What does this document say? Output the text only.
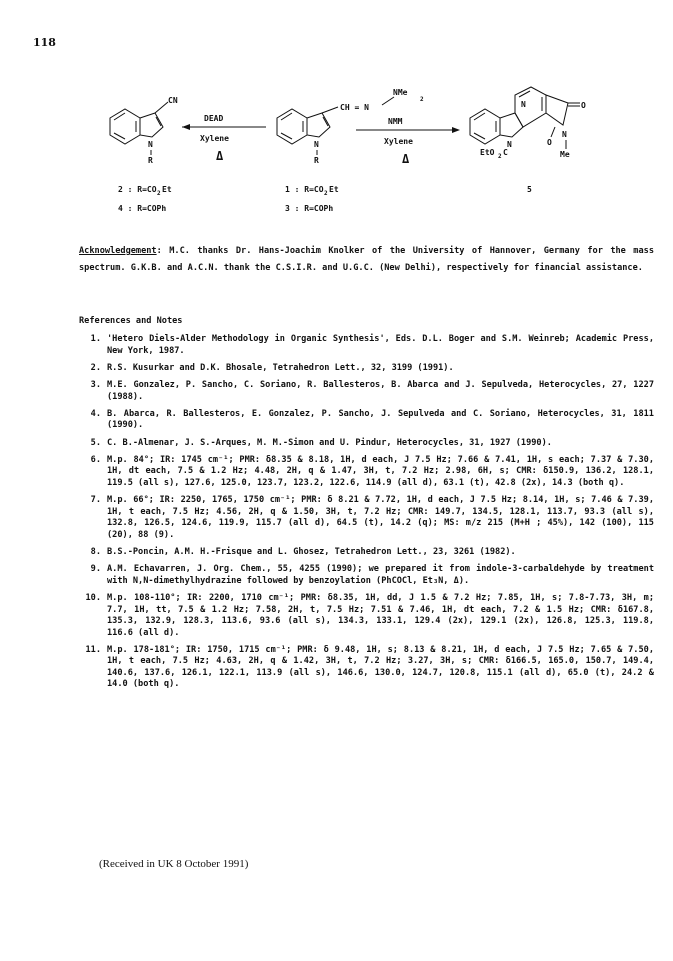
118
CN
N
R
DEAD
Xylene
Δ
CH = N
NMe
2
N
R
NMM
Xylene
Δ
N	O
O
N
Me
N
EtO 2 C
2 : R=CO 2 Et
4 : R=COPh
1 : R=CO 2 Et
3 : R=COPh
5
Acknowledgement: M.C. thanks Dr. Hans-Joachim Knolker of the University of Hannover, Germany for the mass spectrum. G.K.B. and A.C.N. thank the C.S.I.R. and U.G.C. (New Delhi), respectively for financial assistance.
References and Notes
1. 'Hetero Diels-Alder Methodology in Organic Synthesis', Eds. D.L. Boger and S.M. Weinreb; Academic Press, New York, 1987.
2. R.S. Kusurkar and D.K. Bhosale, Tetrahedron Lett., 32, 3199 (1991).
3. M.E. Gonzalez, P. Sancho, C. Soriano, R. Ballesteros, B. Abarca and J. Sepulveda, Heterocycles, 27, 1227 (1988).
4. B. Abarca, R. Ballesteros, E. Gonzalez, P. Sancho, J. Sepulveda and C. Soriano, Heterocycles, 31, 1811 (1990).
5. C. B.-Almenar, J. S.-Arques, M. M.-Simon and U. Pindur, Heterocycles, 31, 1927 (1990).
6. M.p. 84°; IR: 1745 cm⁻¹; PMR: δ8.35 & 8.18, 1H, d each, J 7.5 Hz; 7.66 & 7.41, 1H, s each; 7.37 & 7.30, 1H, dt each, 7.5 & 1.2 Hz; 4.48, 2H, q & 1.47, 3H, t, 7.2 Hz; 2.98, 6H, s; CMR: δ150.9, 136.2, 128.1, 119.5 (all s), 127.6, 125.0, 123.7, 123.2, 122.6, 114.9 (all d), 63.1 (t), 42.8 (2x), 14.3 (both q).
7. M.p. 66°; IR: 2250, 1765, 1750 cm⁻¹; PMR: δ 8.21 & 7.72, 1H, d each, J 7.5 Hz; 8.14, 1H, s; 7.46 & 7.39, 1H, t each, 7.5 Hz; 4.56, 2H, q & 1.50, 3H, t, 7.2 Hz; CMR: 149.7, 134.5, 128.1, 113.7, 93.3 (all s), 132.8, 126.5, 124.6, 119.9, 115.7 (all d), 64.5 (t), 14.2 (q); MS: m/z 215 (M+H ; 45%), 142 (100), 115 (20), 88 (9).
8. B.S.-Poncin, A.M. H.-Frisque and L. Ghosez, Tetrahedron Lett., 23, 3261 (1982).
9. A.M. Echavarren, J. Org. Chem., 55, 4255 (1990); we prepared it from indole-3-carbaldehyde by treatment with N,N-dimethylhydrazine followed by benzoylation (PhCOCl, Et₃N, Δ).
10. M.p. 108-110°; IR: 2200, 1710 cm⁻¹; PMR: δ8.35, 1H, dd, J 1.5 & 7.2 Hz; 7.85, 1H, s; 7.8-7.73, 3H, m; 7.7, 1H, tt, 7.5 & 1.2 Hz; 7.58, 2H, t, 7.5 Hz; 7.51 & 7.46, 1H, dt each, 7.2 & 1.5 Hz; CMR: δ167.8, 135.3, 132.9, 128.3, 113.6, 93.6 (all s), 134.3, 133.1, 129.4 (2x), 129.1 (2x), 126.8, 125.3, 119.8, 116.6 (all d).
11. M.p. 178-181°; IR: 1750, 1715 cm⁻¹; PMR: δ 9.48, 1H, s; 8.13 & 8.21, 1H, d each, J 7.5 Hz; 7.65 & 7.50, 1H, t each, 7.5 Hz; 4.63, 2H, q & 1.42, 3H, t, 7.2 Hz; 3.27, 3H, s; CMR: δ166.5, 165.0, 150.7, 149.4, 140.6, 137.6, 126.1, 122.1, 113.9 (all s), 146.6, 130.0, 124.7, 120.8, 115.1 (all d), 65.0 (t), 24.2 & 14.0 (both q).
(Received in UK 8 October 1991)
